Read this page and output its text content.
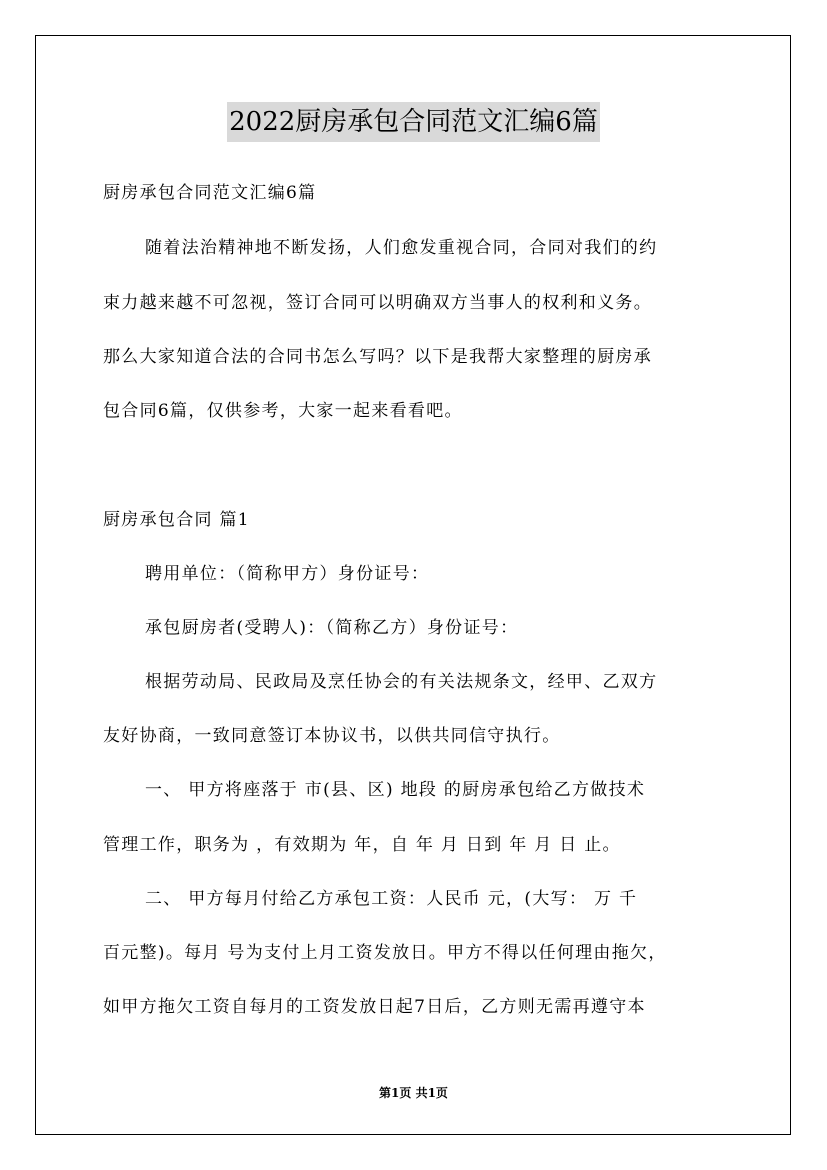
2022厨房承包合同范文汇编6篇
厨房承包合同范文汇编6篇
随着法治精神地不断发扬，人们愈发重视合同，合同对我们的约
束力越来越不可忽视，签订合同可以明确双方当事人的权利和义务。
那么大家知道合法的合同书怎么写吗？以下是我帮大家整理的厨房承
包合同6篇，仅供参考，大家一起来看看吧。
厨房承包合同 篇1
聘用单位：（简称甲方）身份证号：
承包厨房者(受聘人)：（简称乙方）身份证号：
根据劳动局、民政局及烹任协会的有关法规条文，经甲、乙双方
友好协商，一致同意签订本协议书，以供共同信守执行。
一、 甲方将座落于 市(县、区) 地段 的厨房承包给乙方做技术
管理工作，职务为 ，有效期为 年，自 年 月 日到 年 月 日 止。
二、 甲方每月付给乙方承包工资：人民币 元，(大写： 万 千
百元整)。每月 号为支付上月工资发放日。甲方不得以任何理由拖欠，
如甲方拖欠工资自每月的工资发放日起7日后，乙方则无需再遵守本
第1页 共1页
